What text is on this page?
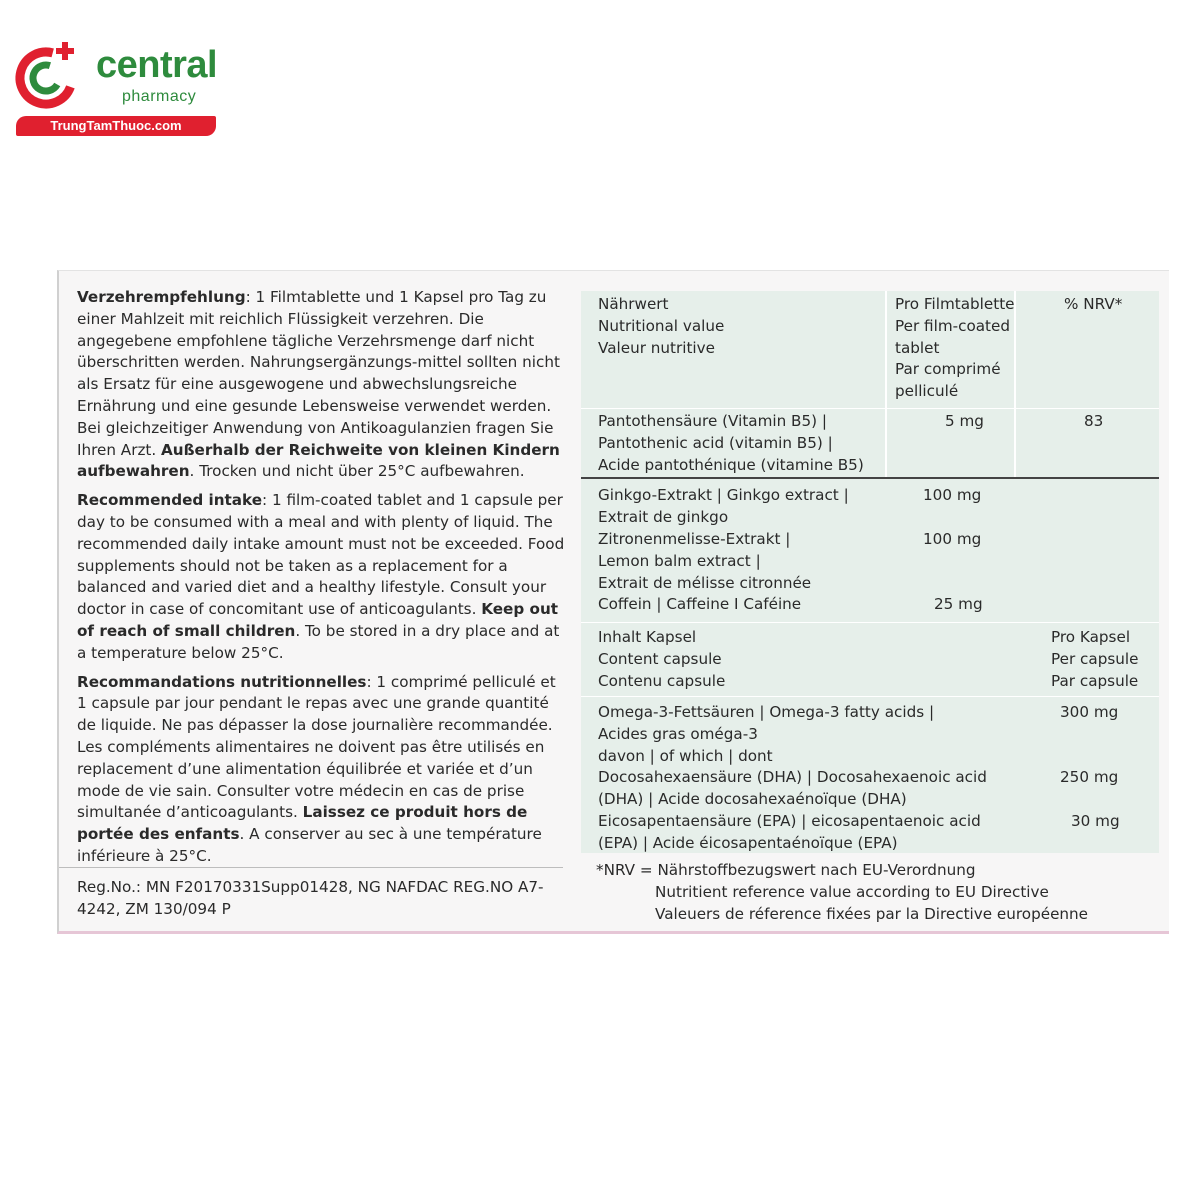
central
pharmacy
TrungTamThuoc.com

Verzehrempfehlung: 1 Filmtablette und 1 Kapsel pro Tag zu einer Mahlzeit mit reichlich Flüssigkeit verzehren. Die angegebene empfohlene tägliche Verzehrsmenge darf nicht überschritten werden. Nahrungsergänzungs-mittel sollten nicht als Ersatz für eine ausgewogene und abwechslungsreiche Ernährung und eine gesunde Lebensweise verwendet werden. Bei gleichzeitiger Anwendung von Antikoagulanzien fragen Sie Ihren Arzt. Außerhalb der Reichweite von kleinen Kindern aufbewahren. Trocken und nicht über 25°C aufbewahren.

Recommended intake: 1 film-coated tablet and 1 capsule per day to be consumed with a meal and with plenty of liquid. The recommended daily intake amount must not be exceeded. Food supplements should not be taken as a replacement for a balanced and varied diet and a healthy lifestyle. Consult your doctor in case of concomitant use of anticoagulants. Keep out of reach of small children. To be stored in a dry place and at a temperature below 25°C.

Recommandations nutritionnelles: 1 comprimé pelliculé et 1 capsule par jour pendant le repas avec une grande quantité de liquide. Ne pas dépasser la dose journalière recommandée. Les compléments alimentaires ne doivent pas être utilisés en replacement d’une alimentation équilibrée et variée et d’un mode de vie sain. Consulter votre médecin en cas de prise simultanée d’anticoagulants. Laissez ce produit hors de portée des enfants. A conserver au sec à une température inférieure à 25°C.

Reg.No.: MN F20170331Supp01428, NG NAFDAC REG.NO A7-4242, ZM 130/094 P
Nährwert
Nutritional value
Valeur nutritive
Pro Filmtablette
Per film-coated
tablet
Par comprimé
pelliculé
% NRV*
Pantothensäure (Vitamin B5) |
Pantothenic acid (vitamin B5) |
Acide pantothénique (vitamine B5)
5 mg	83
Ginkgo-Extrakt | Ginkgo extract |
Extrait de ginkgo
100 mg
Zitronenmelisse-Extrakt |
Lemon balm extract |
Extrait de mélisse citronnée
100 mg
Coffein | Caffeine I Caféine	25 mg
Inhalt Kapsel
Content capsule
Contenu capsule
Pro Kapsel
Per capsule
Par capsule
Omega-3-Fettsäuren | Omega-3 fatty acids |
Acides gras oméga-3
300 mg
davon | of which | dont
Docosahexaensäure (DHA) | Docosahexaenoic acid
(DHA) | Acide docosahexaénoïque (DHA)
250 mg
Eicosapentaensäure (EPA) | eicosapentaenoic acid
(EPA) | Acide éicosapentaénoïque (EPA)
30 mg
*NRV = Nährstoffbezugswert nach EU-Verordnung
Nutritient reference value according to EU Directive
Valeuers de réference fixées par la Directive européenne
